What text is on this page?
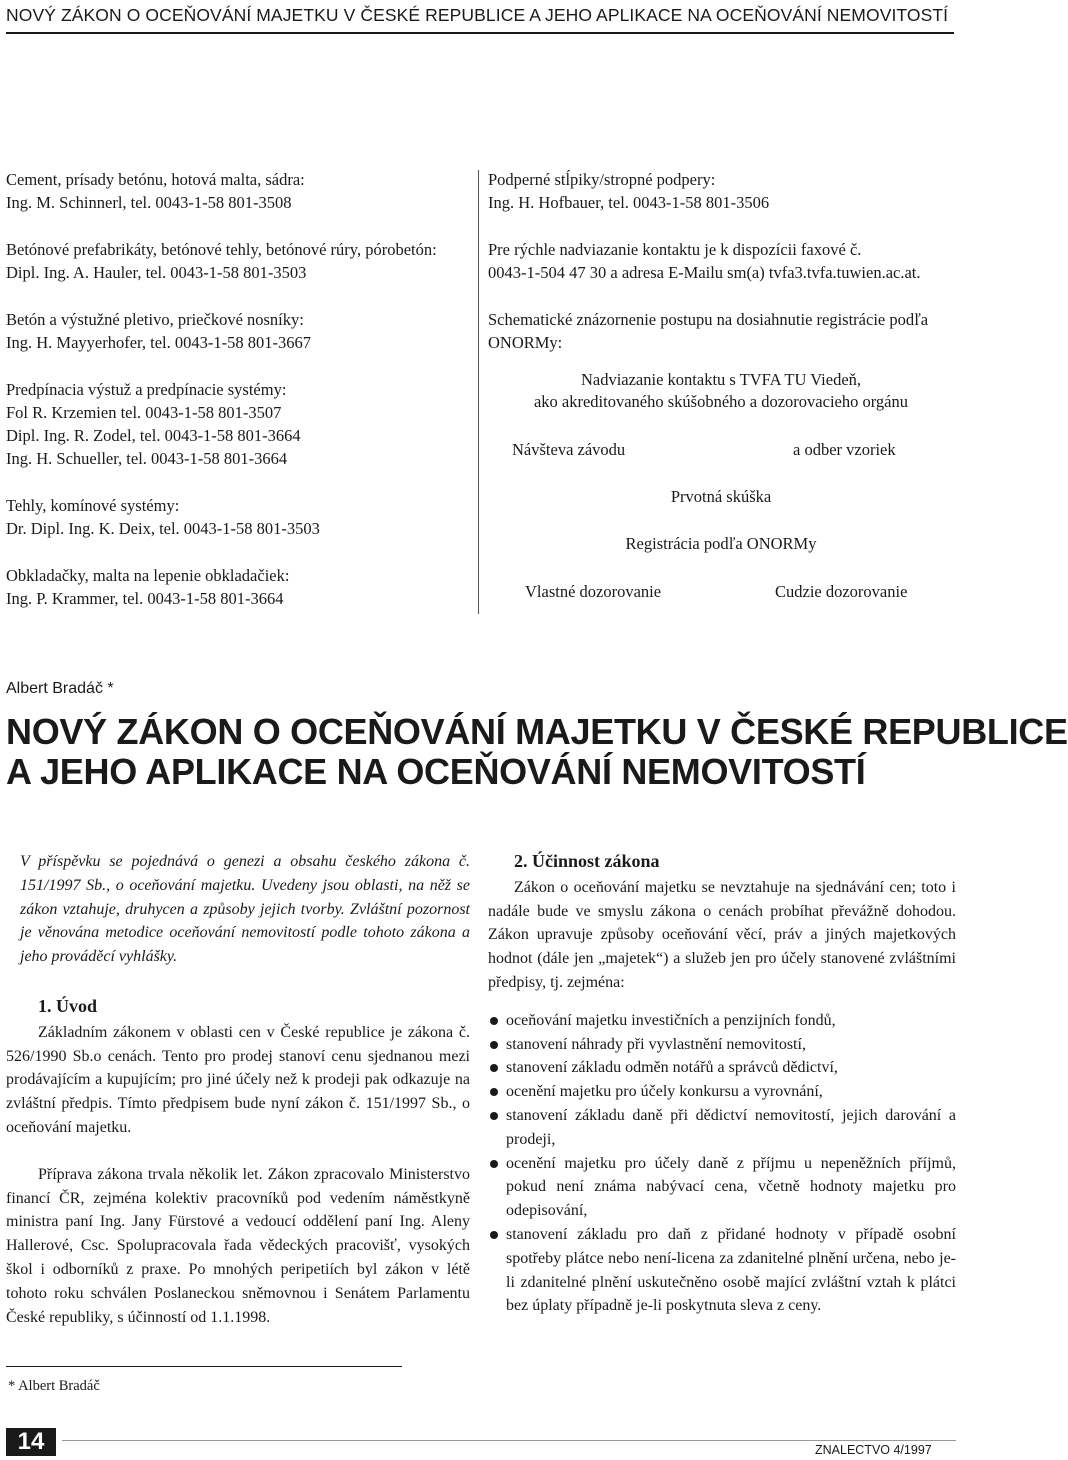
NOVÝ ZÁKON O OCEŇOVÁNÍ MAJETKU V ČESKÉ REPUBLICE A JEHO APLIKACE NA OCEŇOVÁNÍ NEMOVITOSTÍ
Cement, prísady betónu, hotová malta, sádra:
Ing. M. Schinnerl, tel. 0043-1-58 801-3508
Betónové prefabrikáty, betónové tehly, betónové rúry, pórobetón:
Dipl. Ing. A. Hauler, tel. 0043-1-58 801-3503
Betón a výstužné pletivo, priečkové nosníky:
Ing. H. Mayyerhofer, tel. 0043-1-58 801-3667
Predpínacia výstuž a predpínacie systémy:
Fol R. Krzemien tel. 0043-1-58 801-3507
Dipl. Ing. R. Zodel, tel. 0043-1-58 801-3664
Ing. H. Schueller, tel. 0043-1-58 801-3664
Tehly, komínové systémy:
Dr. Dipl. Ing. K. Deix, tel. 0043-1-58 801-3503
Obkladačky, malta na lepenie obkladačiek:
Ing. P. Krammer, tel. 0043-1-58 801-3664
Podperné stĺpiky/stropné podpery:
Ing. H. Hofbauer, tel. 0043-1-58 801-3506
Pre rýchle nadviazanie kontaktu je k dispozícii faxové č.
0043-1-504 47 30 a adresa E-Mailu sm(a) tvfa3.tvfa.tuwien.ac.at.
Schematické znázornenie postupu na dosiahnutie registrácie podľa
ONORMy:
Nadviazanie kontaktu s TVFA TU Viedeň,
ako akreditovaného skúšobného a dozorovacieho orgánu
Návšteva závodu	a odber vzoriek
Prvotná skúška
Registrácia podľa ONORMy
Vlastné dozorovanie	Cudzie dozorovanie
Albert Bradáč *
NOVÝ ZÁKON O OCEŇOVÁNÍ MAJETKU V ČESKÉ REPUBLICE
A JEHO APLIKACE NA OCEŇOVÁNÍ NEMOVITOSTÍ
V příspěvku se pojednává o genezi a obsahu českého zákona č. 151/1997 Sb., o oceňování majetku. Uvedeny jsou oblasti, na něž se zákon vztahuje, druhycen a způsoby jejich tvorby. Zvláštní pozornost je věnována metodice oceňování nemovitostí podle tohoto zákona a jeho prováděcí vyhlášky.
1. Úvod
Základním zákonem v oblasti cen v České republice je zákona č. 526/1990 Sb.o cenách. Tento pro prodej stanoví cenu sjednanou mezi prodávajícím a kupujícím; pro jiné účely než k prodeji pak odkazuje na zvláštní předpis. Tímto předpisem bude nyní zákon č. 151/1997 Sb., o oceňování majetku.
Příprava zákona trvala několik let. Zákon zpracovalo Ministerstvo financí ČR, zejména kolektiv pracovníků pod vedením náměstkyně ministra paní Ing. Jany Fürstové a vedoucí oddělení paní Ing. Aleny Hallerové, Csc. Spolupracovala řada vědeckých pracovišť, vysokých škol i odborníků z praxe. Po mnohých peripetiích byl zákon v létě tohoto roku schválen Poslaneckou sněmovnou i Senátem Parlamentu České republiky, s účinností od 1.1.1998.
2. Účinnost zákona
Zákon o oceňování majetku se nevztahuje na sjednávání cen; toto i nadále bude ve smyslu zákona o cenách probíhat převážně dohodou. Zákon upravuje způsoby oceňování věcí, práv a jiných majetkových hodnot (dále jen „majetek“) a služeb jen pro účely stanovené zvláštními předpisy, tj. zejména:
oceňování majetku investičních a penzijních fondů,
stanovení náhrady při vyvlastnění nemovitostí,
stanovení základu odměn notářů a správců dědictví,
ocenění majetku pro účely konkursu a vyrovnání,
stanovení základu daně při dědictví nemovitostí, jejich darování a prodeji,
ocenění majetku pro účely daně z příjmu u nepeněžních příjmů, pokud není známa nabývací cena, včetně hodnoty majetku pro odepisování,
stanovení základu pro daň z přidané hodnoty v případě osobní spotřeby plátce nebo není-licena za zdanitelné plnění určena, nebo je-li zdanitelné plnění uskutečněno osobě mající zvláštní vztah k plátci bez úplaty případně je-li poskytnuta sleva z ceny.
* Albert Bradáč
14	ZNALECTVO 4/1997
